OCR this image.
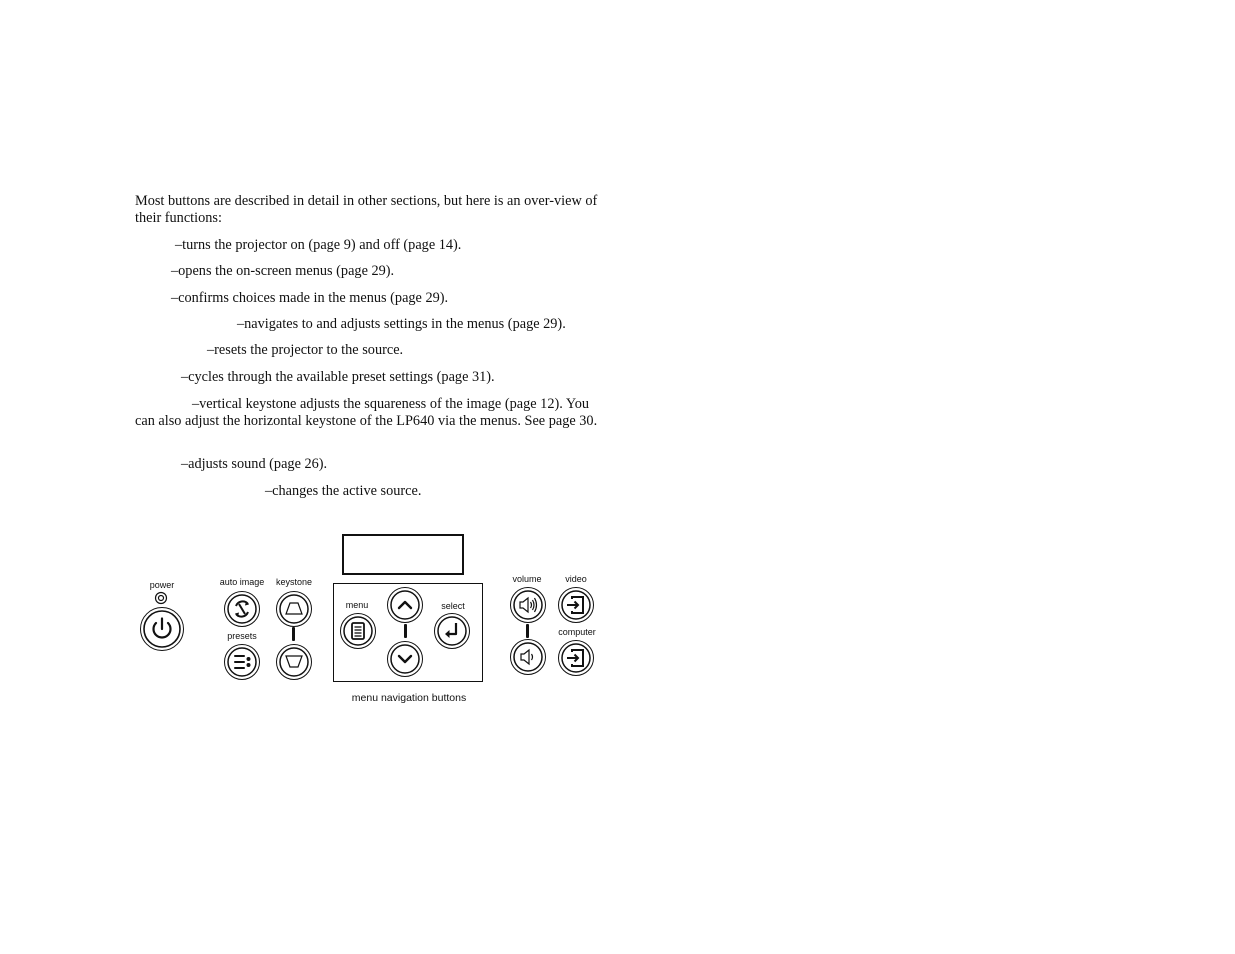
Most buttons are described in detail in other sections, but here is an over-view of their functions:
–turns the projector on (page 9) and off (page 14).
–opens the on-screen menus (page 29).
–confirms choices made in the menus (page 29).
–navigates to and adjusts settings in the menus (page 29).
–resets the projector to the source.
–cycles through the available preset settings (page 31).
–vertical keystone adjusts the squareness of the image (page 12). You can also adjust the horizontal keystone of the LP640 via the menus. See page 30.
–adjusts sound (page 26).
–changes the active source.
power	auto image keystone
presets
menu	select
volume	video
computer
menu navigation buttons
